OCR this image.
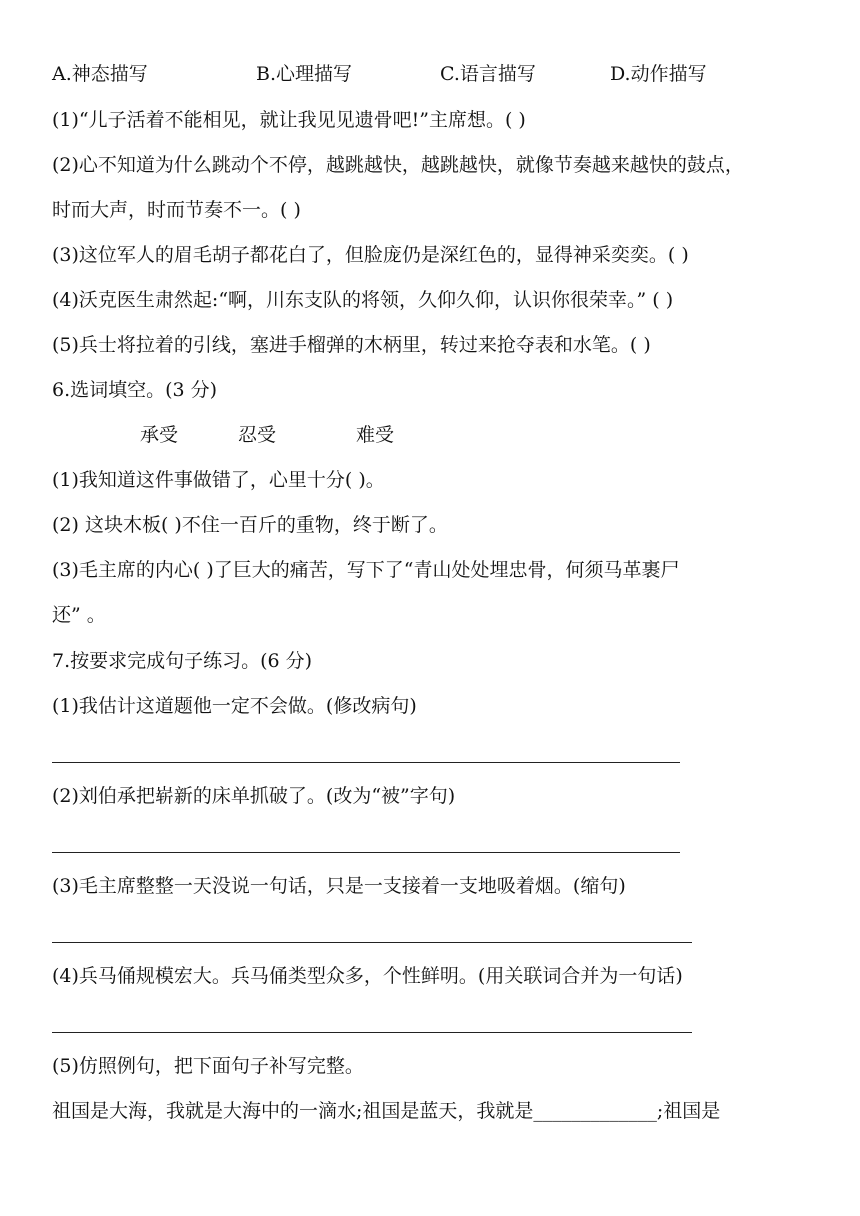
A.神态描写	B.心理描写	C.语言描写	D.动作描写
(1)“儿子活着不能相见，就让我见见遗骨吧!”主席想。( )
(2)心不知道为什么跳动个不停，越跳越快，越跳越快，就像节奏越来越快的鼓点，
时而大声，时而节奏不一。( )
(3)这位军人的眉毛胡子都花白了，但脸庞仍是深红色的，显得神采奕奕。( )
(4)沃克医生肃然起:“啊，川东支队的将领，久仰久仰，认识你很荣幸。” ( )
(5)兵士将拉着的引线，塞进手榴弹的木柄里，转过来抢夺表和水笔。( )
6.选词填空。(3 分)
承受	忍受	难受
(1)我知道这件事做错了，心里十分( )。
(2) 这块木板( )不住一百斤的重物，终于断了。
(3)毛主席的内心( )了巨大的痛苦，写下了“青山处处埋忠骨，何须马革裹尸
还” 。
7.按要求完成句子练习。(6 分)
(1)我估计这道题他一定不会做。(修改病句)
(2)刘伯承把崭新的床单抓破了。(改为“被”字句)
(3)毛主席整整一天没说一句话，只是一支接着一支地吸着烟。(缩句)
(4)兵马俑规模宏大。兵马俑类型众多，个性鲜明。(用关联词合并为一句话)
(5)仿照例句，把下面句子补写完整。
祖国是大海，我就是大海中的一滴水;祖国是蓝天，我就是_____________;祖国是
